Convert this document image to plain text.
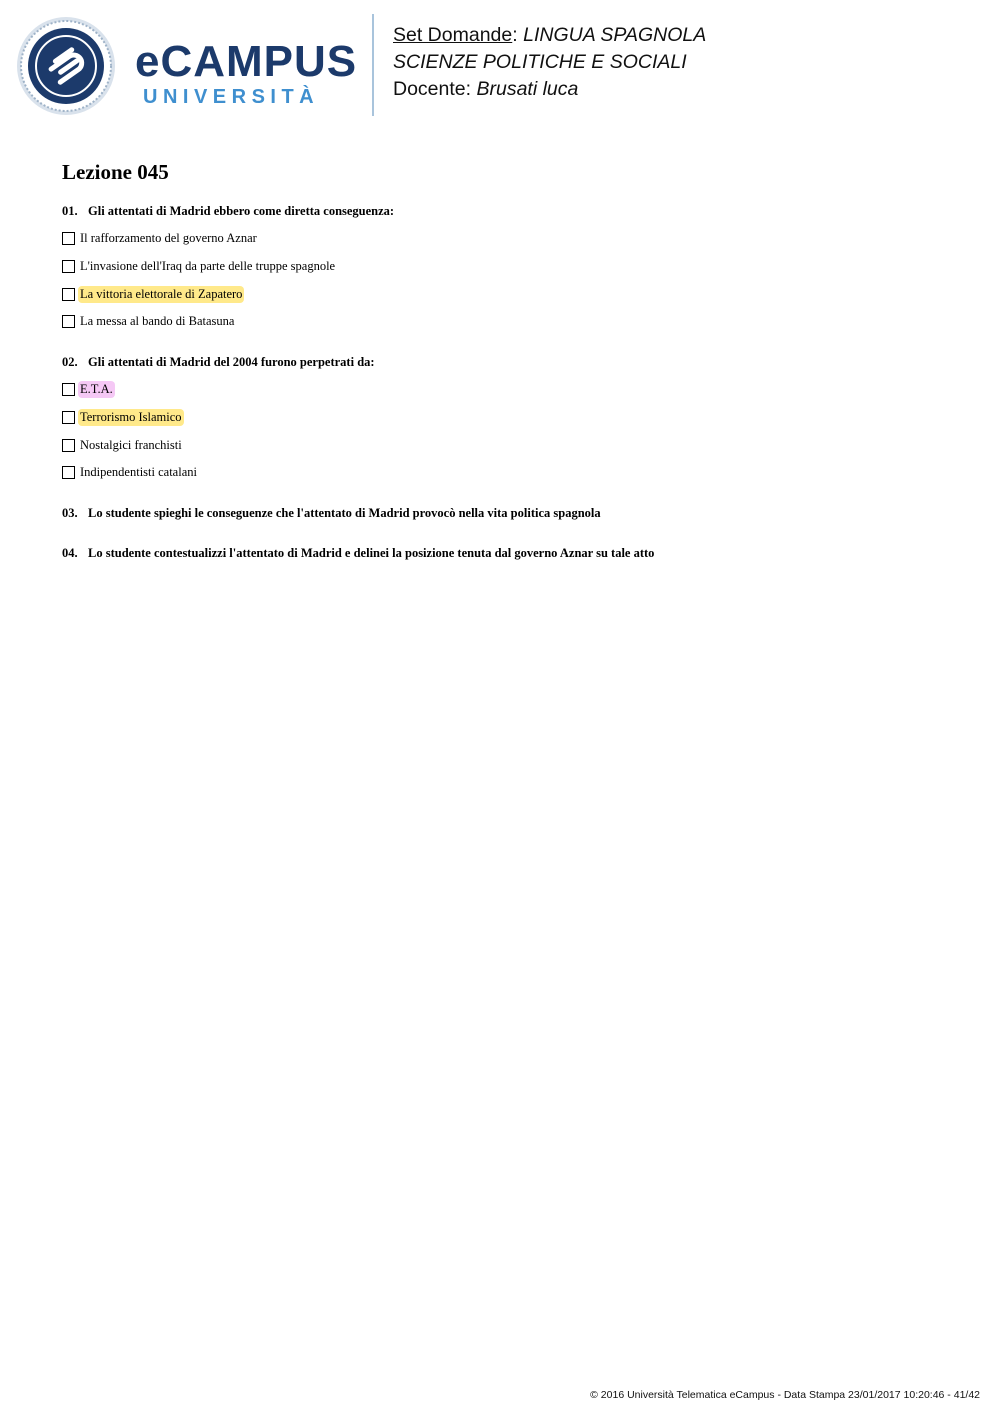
eCAMPUS
UNIVERSITÀ
Set Domande: LINGUA SPAGNOLA
SCIENZE POLITICHE E SOCIALI
Docente: Brusati luca
Lezione 045
01. Gli attentati di Madrid ebbero come diretta conseguenza:
Il rafforzamento del governo Aznar
L'invasione dell'Iraq da parte delle truppe spagnole
La vittoria elettorale di Zapatero
La messa al bando di Batasuna
02. Gli attentati di Madrid del 2004 furono perpetrati da:
E.T.A.
Terrorismo Islamico
Nostalgici franchisti
Indipendentisti catalani
03. Lo studente spieghi le conseguenze che l'attentato di Madrid provocò nella vita politica spagnola
04. Lo studente contestualizzi l'attentato di Madrid e delinei la posizione tenuta dal governo Aznar su tale atto
© 2016 Università Telematica eCampus - Data Stampa 23/01/2017 10:20:46 - 41/42
